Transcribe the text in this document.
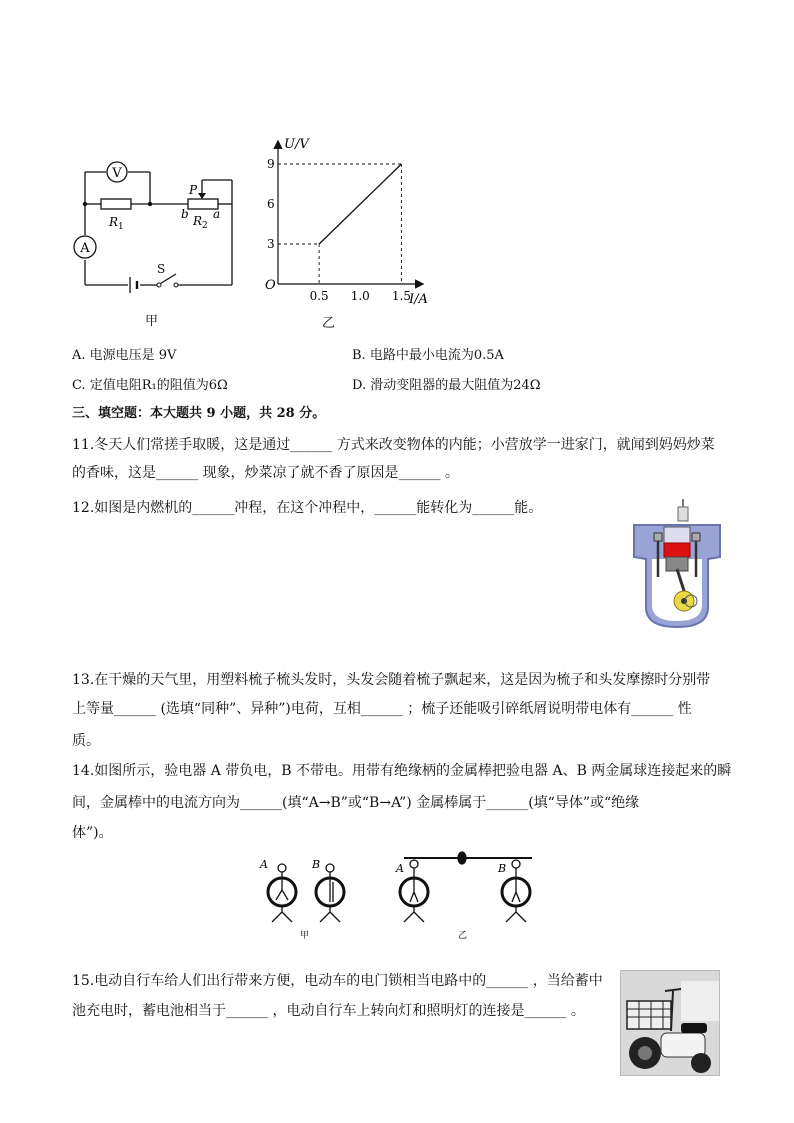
V
A
R 1	R 2
P
b a
S
甲
9
6
3
0.5 1.0 1.5
U/V
I/A
O
乙
A. 电源电压是 9V	B. 电路中最小电流为0.5A
C. 定值电阻R₁的阻值为6Ω	D. 滑动变阻器的最大阻值为24Ω
三、填空题：本大题共 9 小题，共 28 分。
11.冬天人们常搓手取暖，这是通过______ 方式来改变物体的内能；小营放学一进家门，就闻到妈妈炒菜
的香味，这是______ 现象，炒菜凉了就不香了原因是______ 。
12.如图是内燃机的______冲程，在这个冲程中，______能转化为______能。
13.在干燥的天气里，用塑料梳子梳头发时，头发会随着梳子飘起来，这是因为梳子和头发摩擦时分别带
上等量______ (选填“同种”、异种”)电荷，互相______ ；梳子还能吸引碎纸屑说明带电体有______ 性
质。
14.如图所示，验电器 A 带负电，B 不带电。用带有绝缘柄的金属棒把验电器 A、B 两金属球连接起来的瞬
间，金属棒中的电流方向为______(填“A→B”或“B→A”) 金属棒属于______(填“导体”或“绝缘
体”)。
A	B	A	B
甲	乙
15.电动自行车给人们出行带来方便，电动车的电门锁相当电路中的______ ，当给蓄中
池充电时，蓄电池相当于______ ，电动自行车上转向灯和照明灯的连接是______ 。
